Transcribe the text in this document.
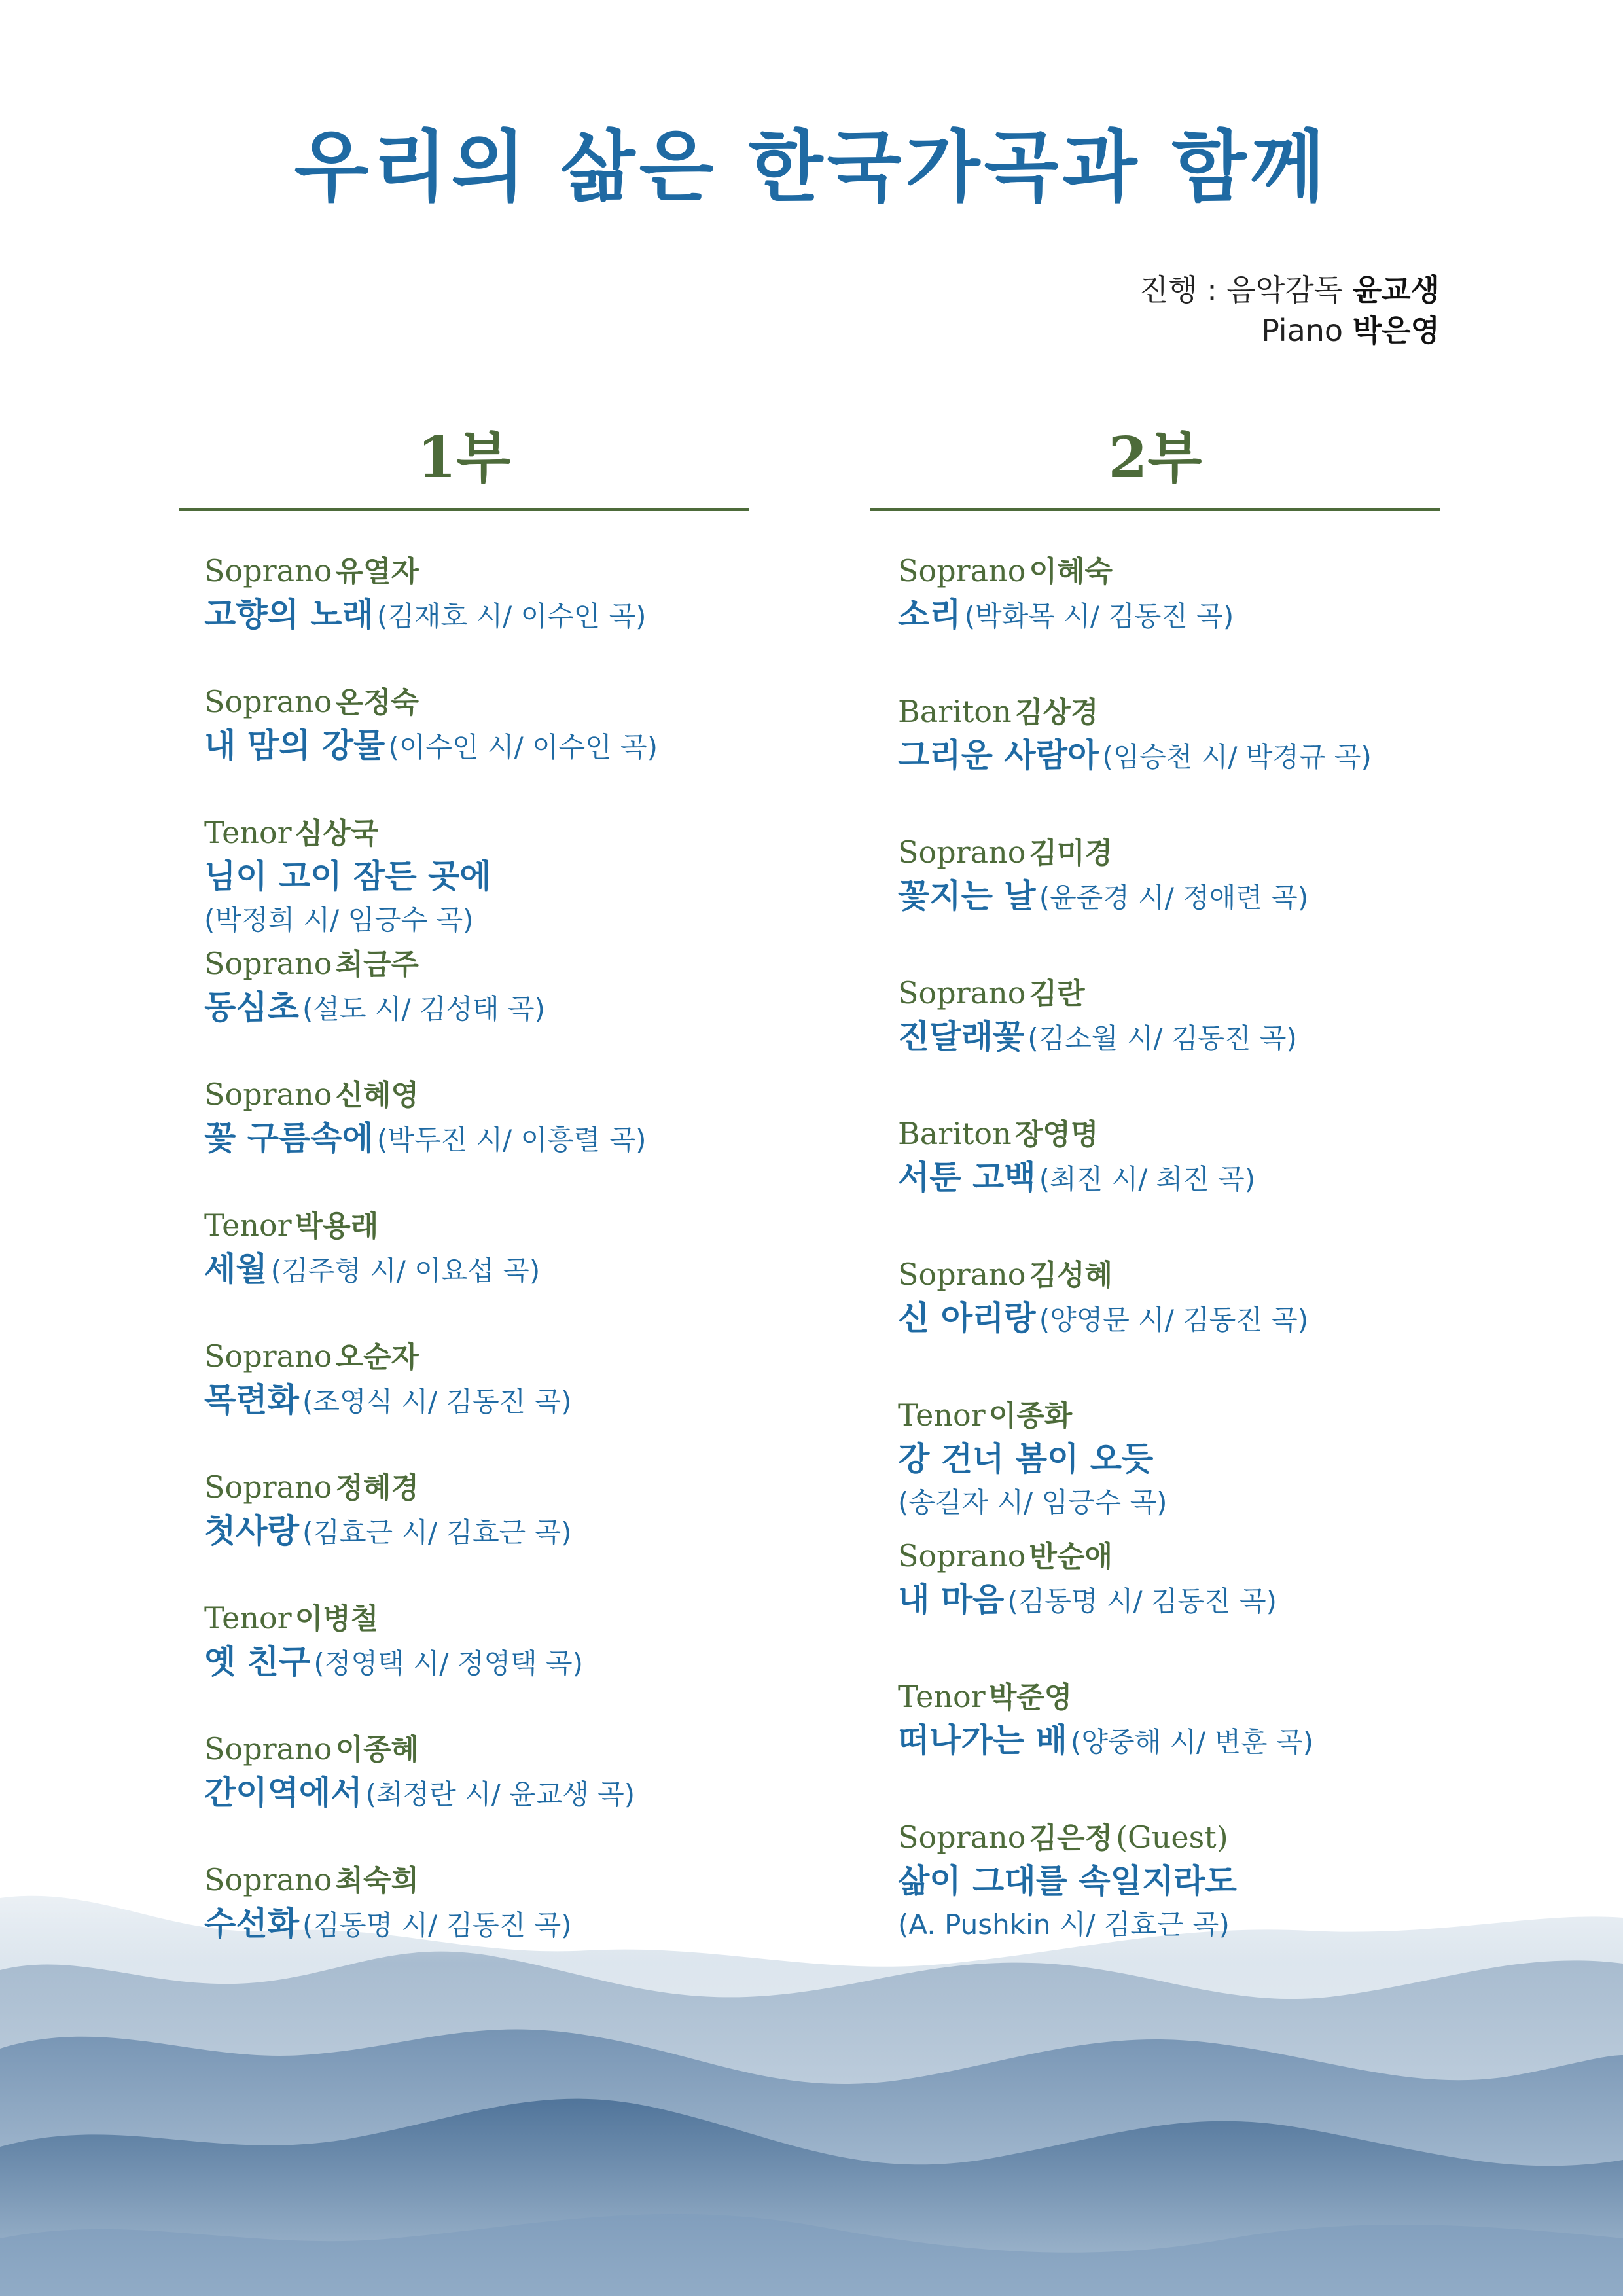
우리의 삶은 한국가곡과 함께
진행 : 음악감독 윤교생
Piano 박은영
1부	2부
Soprano 유열자
고향의 노래 (김재호 시/ 이수인 곡)
Soprano 온정숙
내 맘의 강물 (이수인 시/ 이수인 곡)
Tenor 심상국
님이 고이 잠든 곳에
(박정희 시/ 임긍수 곡)
Soprano 최금주
동심초 (설도 시/ 김성태 곡)
Soprano 신혜영
꽃 구름속에 (박두진 시/ 이흥렬 곡)
Tenor 박용래
세월 (김주형 시/ 이요섭 곡)
Soprano 오순자
목련화 (조영식 시/ 김동진 곡)
Soprano 정혜경
첫사랑 (김효근 시/ 김효근 곡)
Tenor 이병철
옛 친구 (정영택 시/ 정영택 곡)
Soprano 이종혜
간이역에서 (최정란 시/ 윤교생 곡)
Soprano 최숙희
수선화 (김동명 시/ 김동진 곡)
Soprano 이혜숙
소리 (박화목 시/ 김동진 곡)
Bariton 김상경
그리운 사람아 (임승천 시/ 박경규 곡)
Soprano 김미경
꽃지는 날 (윤준경 시/ 정애련 곡)
Soprano 김란
진달래꽃 (김소월 시/ 김동진 곡)
Bariton 장영명
서툰 고백 (최진 시/ 최진 곡)
Soprano 김성혜
신 아리랑 (양영문 시/ 김동진 곡)
Tenor 이종화
강 건너 봄이 오듯
(송길자 시/ 임긍수 곡)
Soprano 반순애
내 마음 (김동명 시/ 김동진 곡)
Tenor 박준영
떠나가는 배 (양중해 시/ 변훈 곡)
Soprano 김은정 (Guest)
삶이 그대를 속일지라도
(A. Pushkin 시/ 김효근 곡)
